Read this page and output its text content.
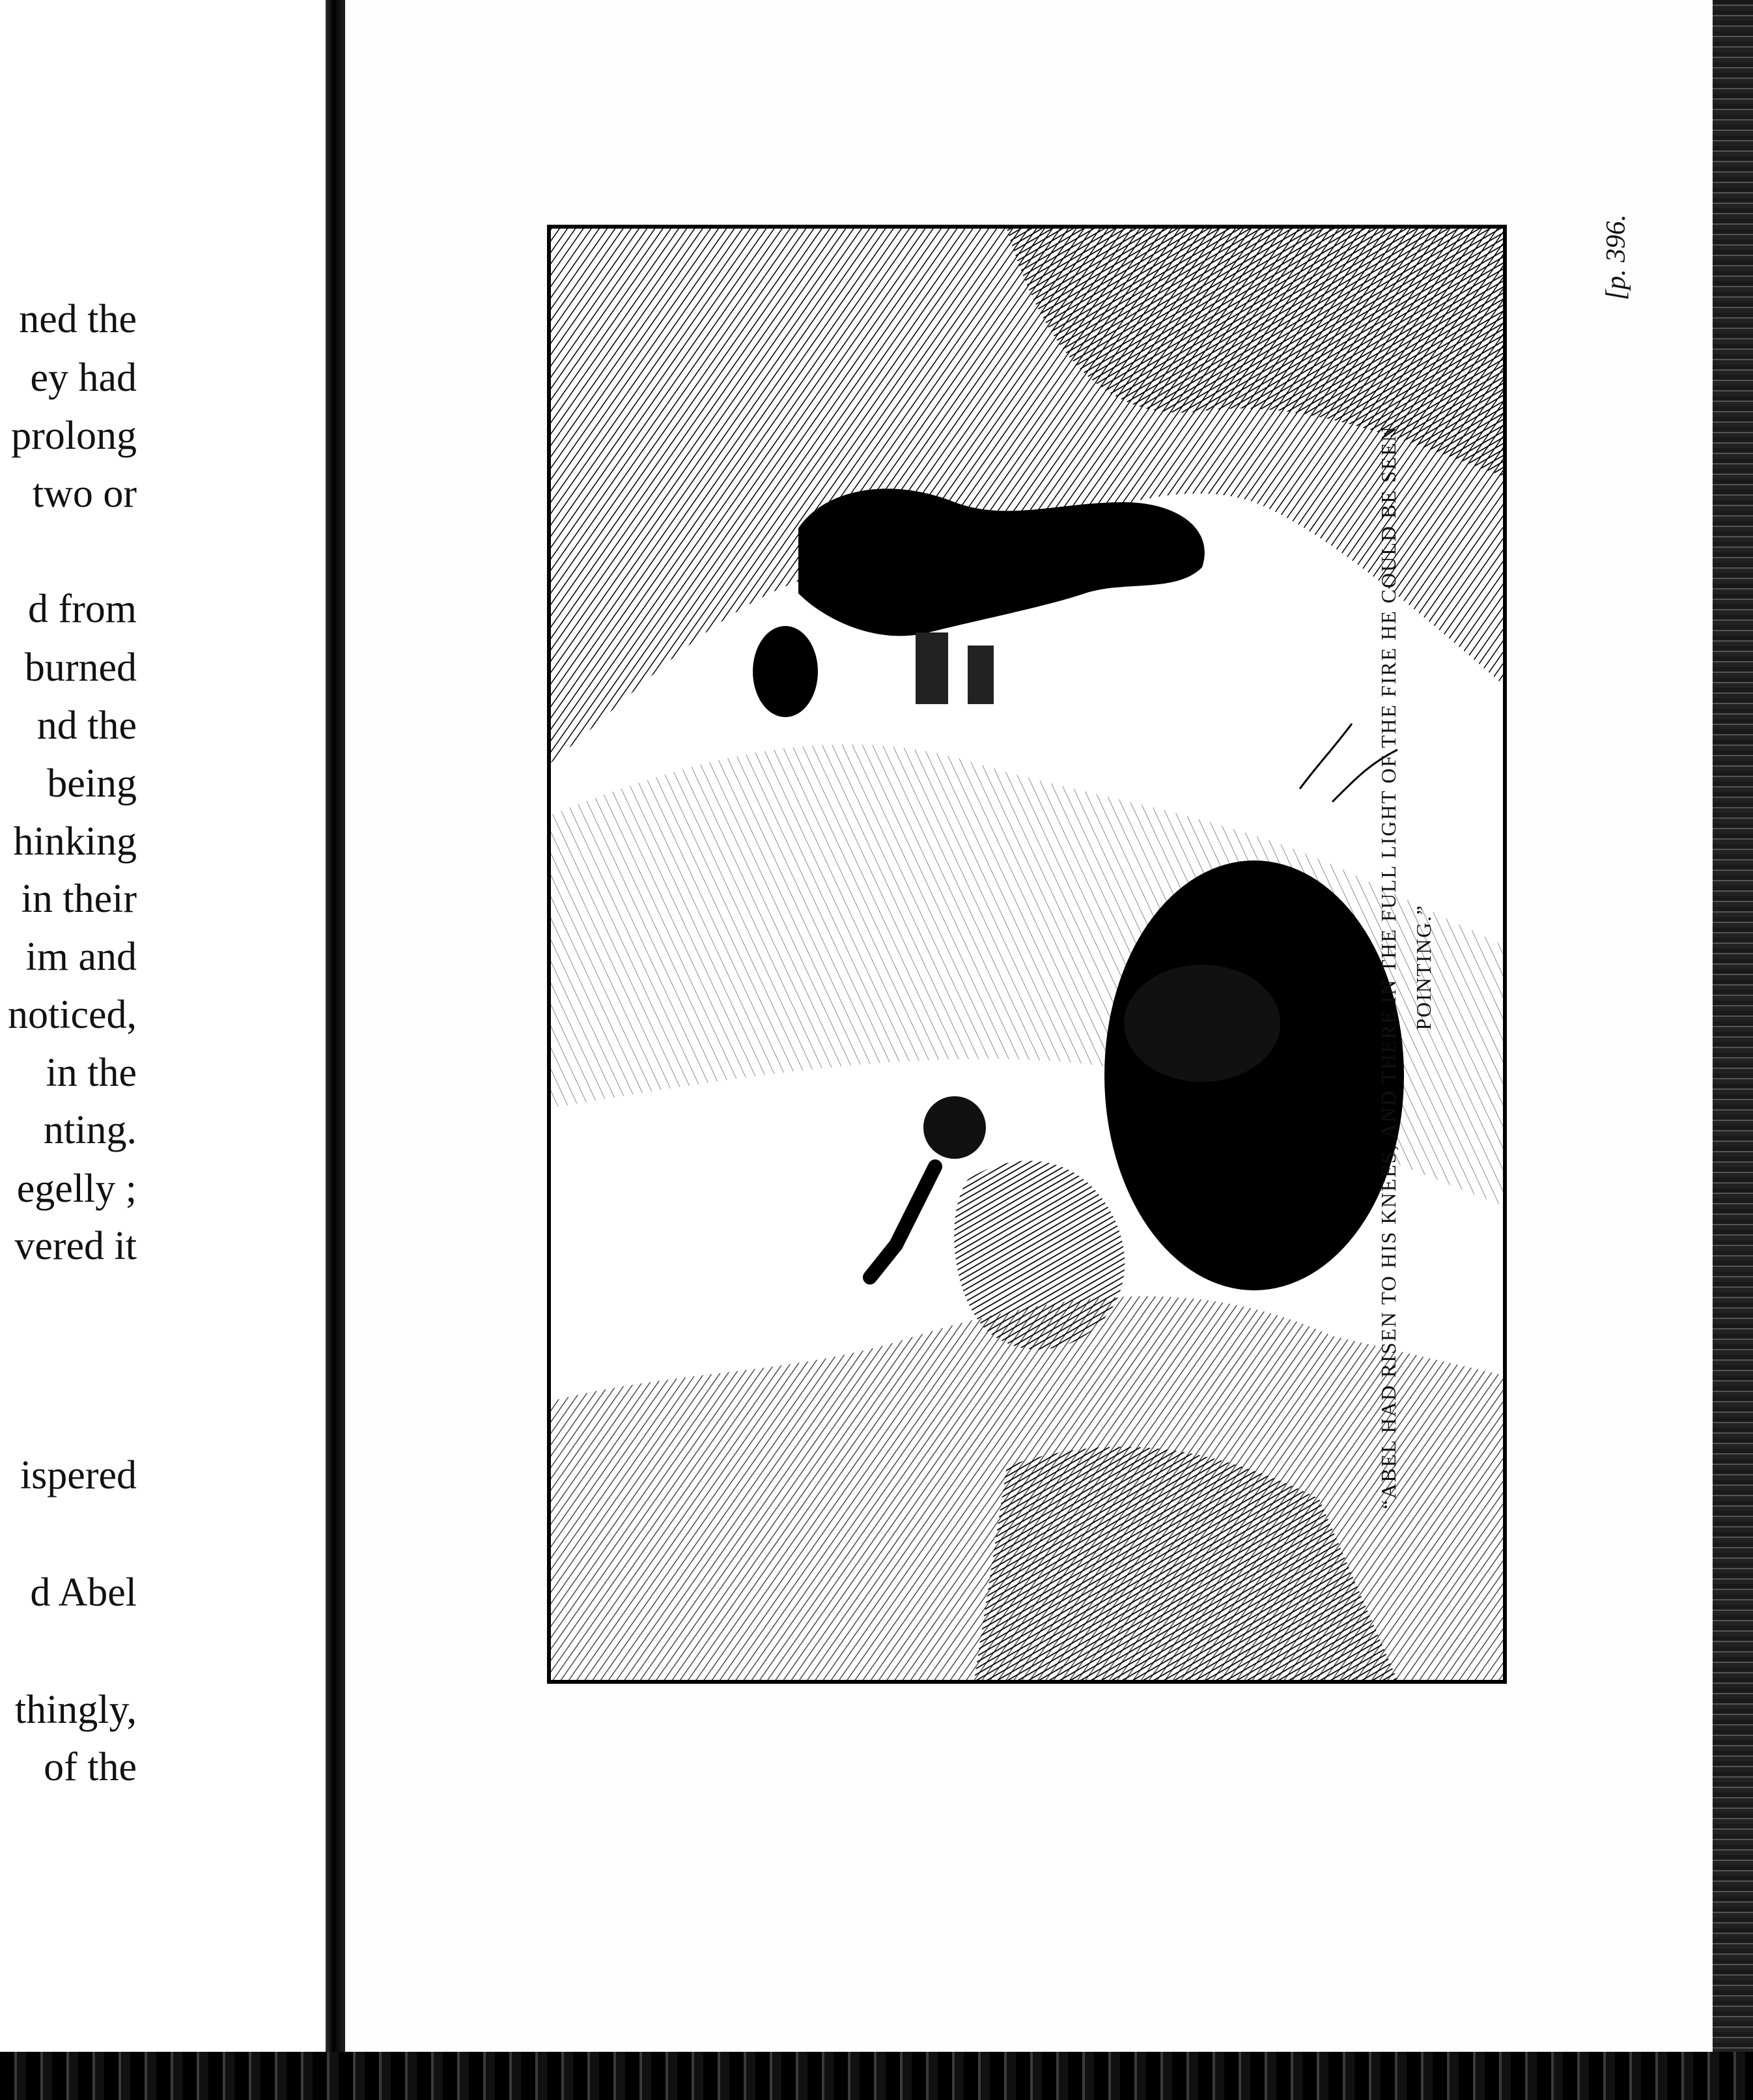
ned the

ey had

prolong

two or

d from

burned

nd the

being

hinking

in their

im and

noticed,

in the

nting.

egelly ;

vered it

ispered

d Abel

thingly,

of the

“ABEL HAD RISEN TO HIS KNEES, AND THERE IN THE FULL LIGHT OF THE FIRE HE COULD BE SEEN POINTING.”
[p. 396.
